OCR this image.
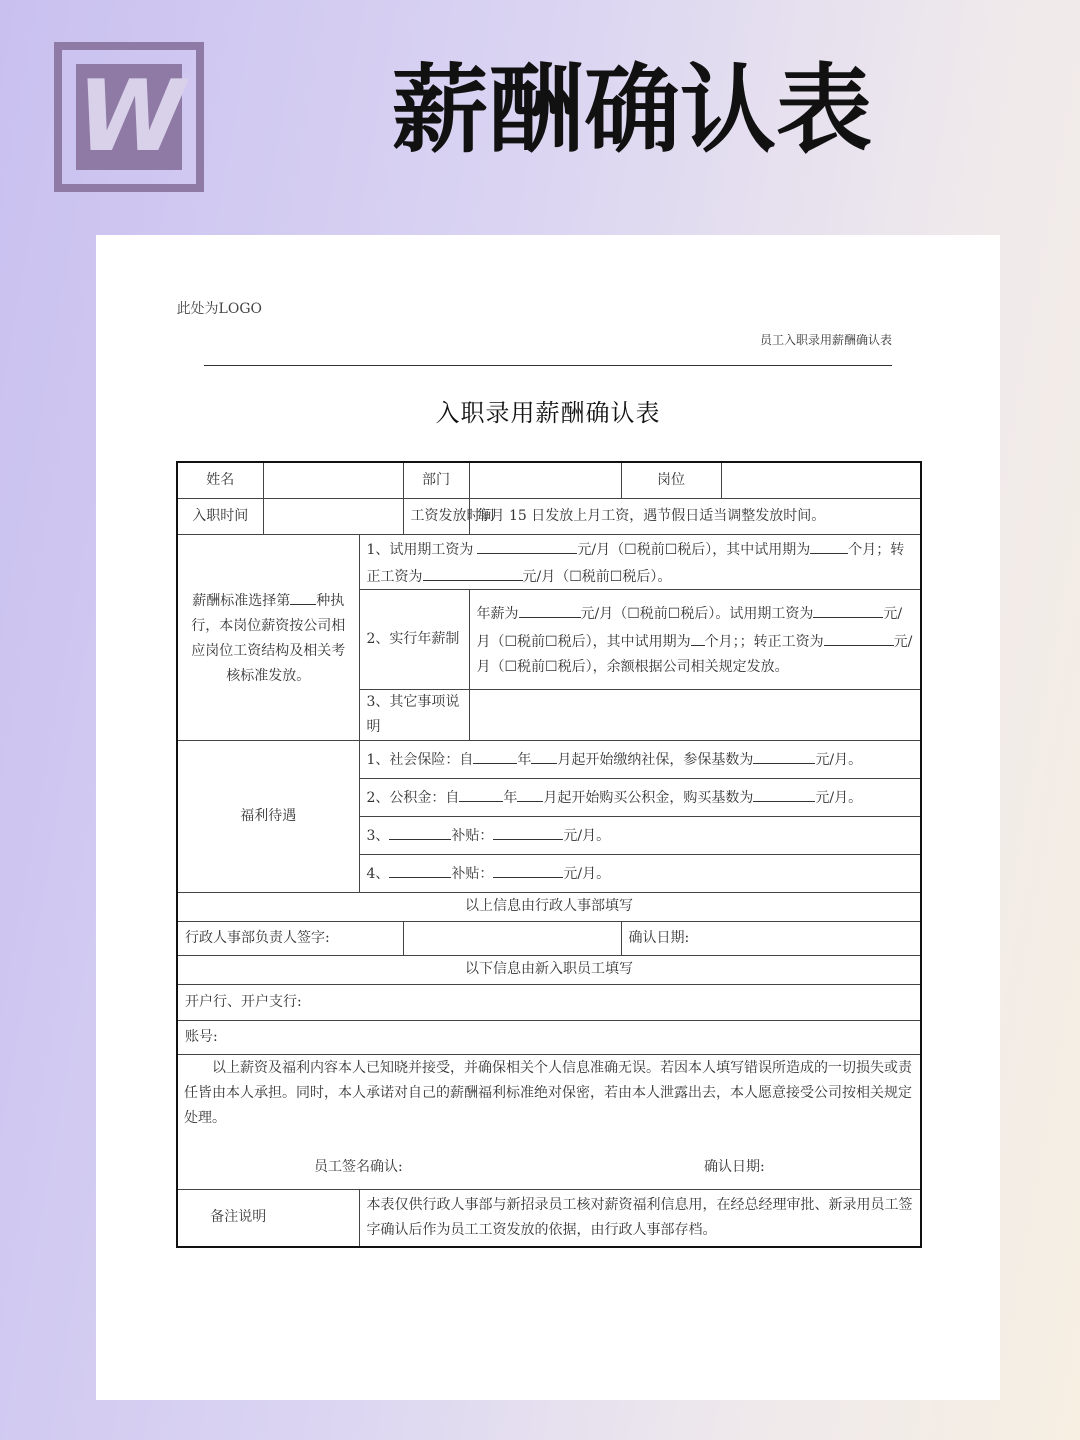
W 薪酬确认表
此处为LOGO
员工入职录用薪酬确认表
入职录用薪酬确认表
姓名			部门		岗位	
入职时间			工资发放时间	每月 15 日发放上月工资，遇节假日适当调整发放时间。		
薪酬标准选择第 种执行，本岗位薪资按公司相应岗位工资结构及相关考核标准发放。		1、试用期工资为 元/月（☐税前☐税后），其中试用期为 个月；转正工资为 元/月（☐税前☐税后）。				
		2、实行年薪制		年薪为 元/月（☐税前☐税后）。试用期工资为 元/月（☐税前☐税后），其中试用期为 个月；；转正工资为 元/月（☐税前☐税后），余额根据公司相关规定发放。		
		3、其它事项说明				
福利待遇		1、社会保险：自 年 月起开始缴纳社保，参保基数为 元/月。				
		2、公积金：自 年 月起开始购买公积金，购买基数为 元/月。				
		3、 补贴： 元/月。				
		4、 补贴： 元/月。				
以上信息由行政人事部填写						
行政人事部负责人签字:					确认日期:	
以下信息由新入职员工填写						
开户行、开户支行:						
账号:						

以上薪资及福利内容本人已知晓并接受，并确保相关个人信息准确无误。若因本人填写错误所造成的一切损失或责任皆由本人承担。同时，本人承诺对自己的薪酬福利标准绝对保密，若由本人泄露出去，本人愿意接受公司按相关规定处理。
员工签名确认: 确认日期:						

备注说明		本表仅供行政人事部与新招录员工核对薪资福利信息用，在经总经理审批、新录用员工签字确认后作为员工工资发放的依据，由行政人事部存档。				
